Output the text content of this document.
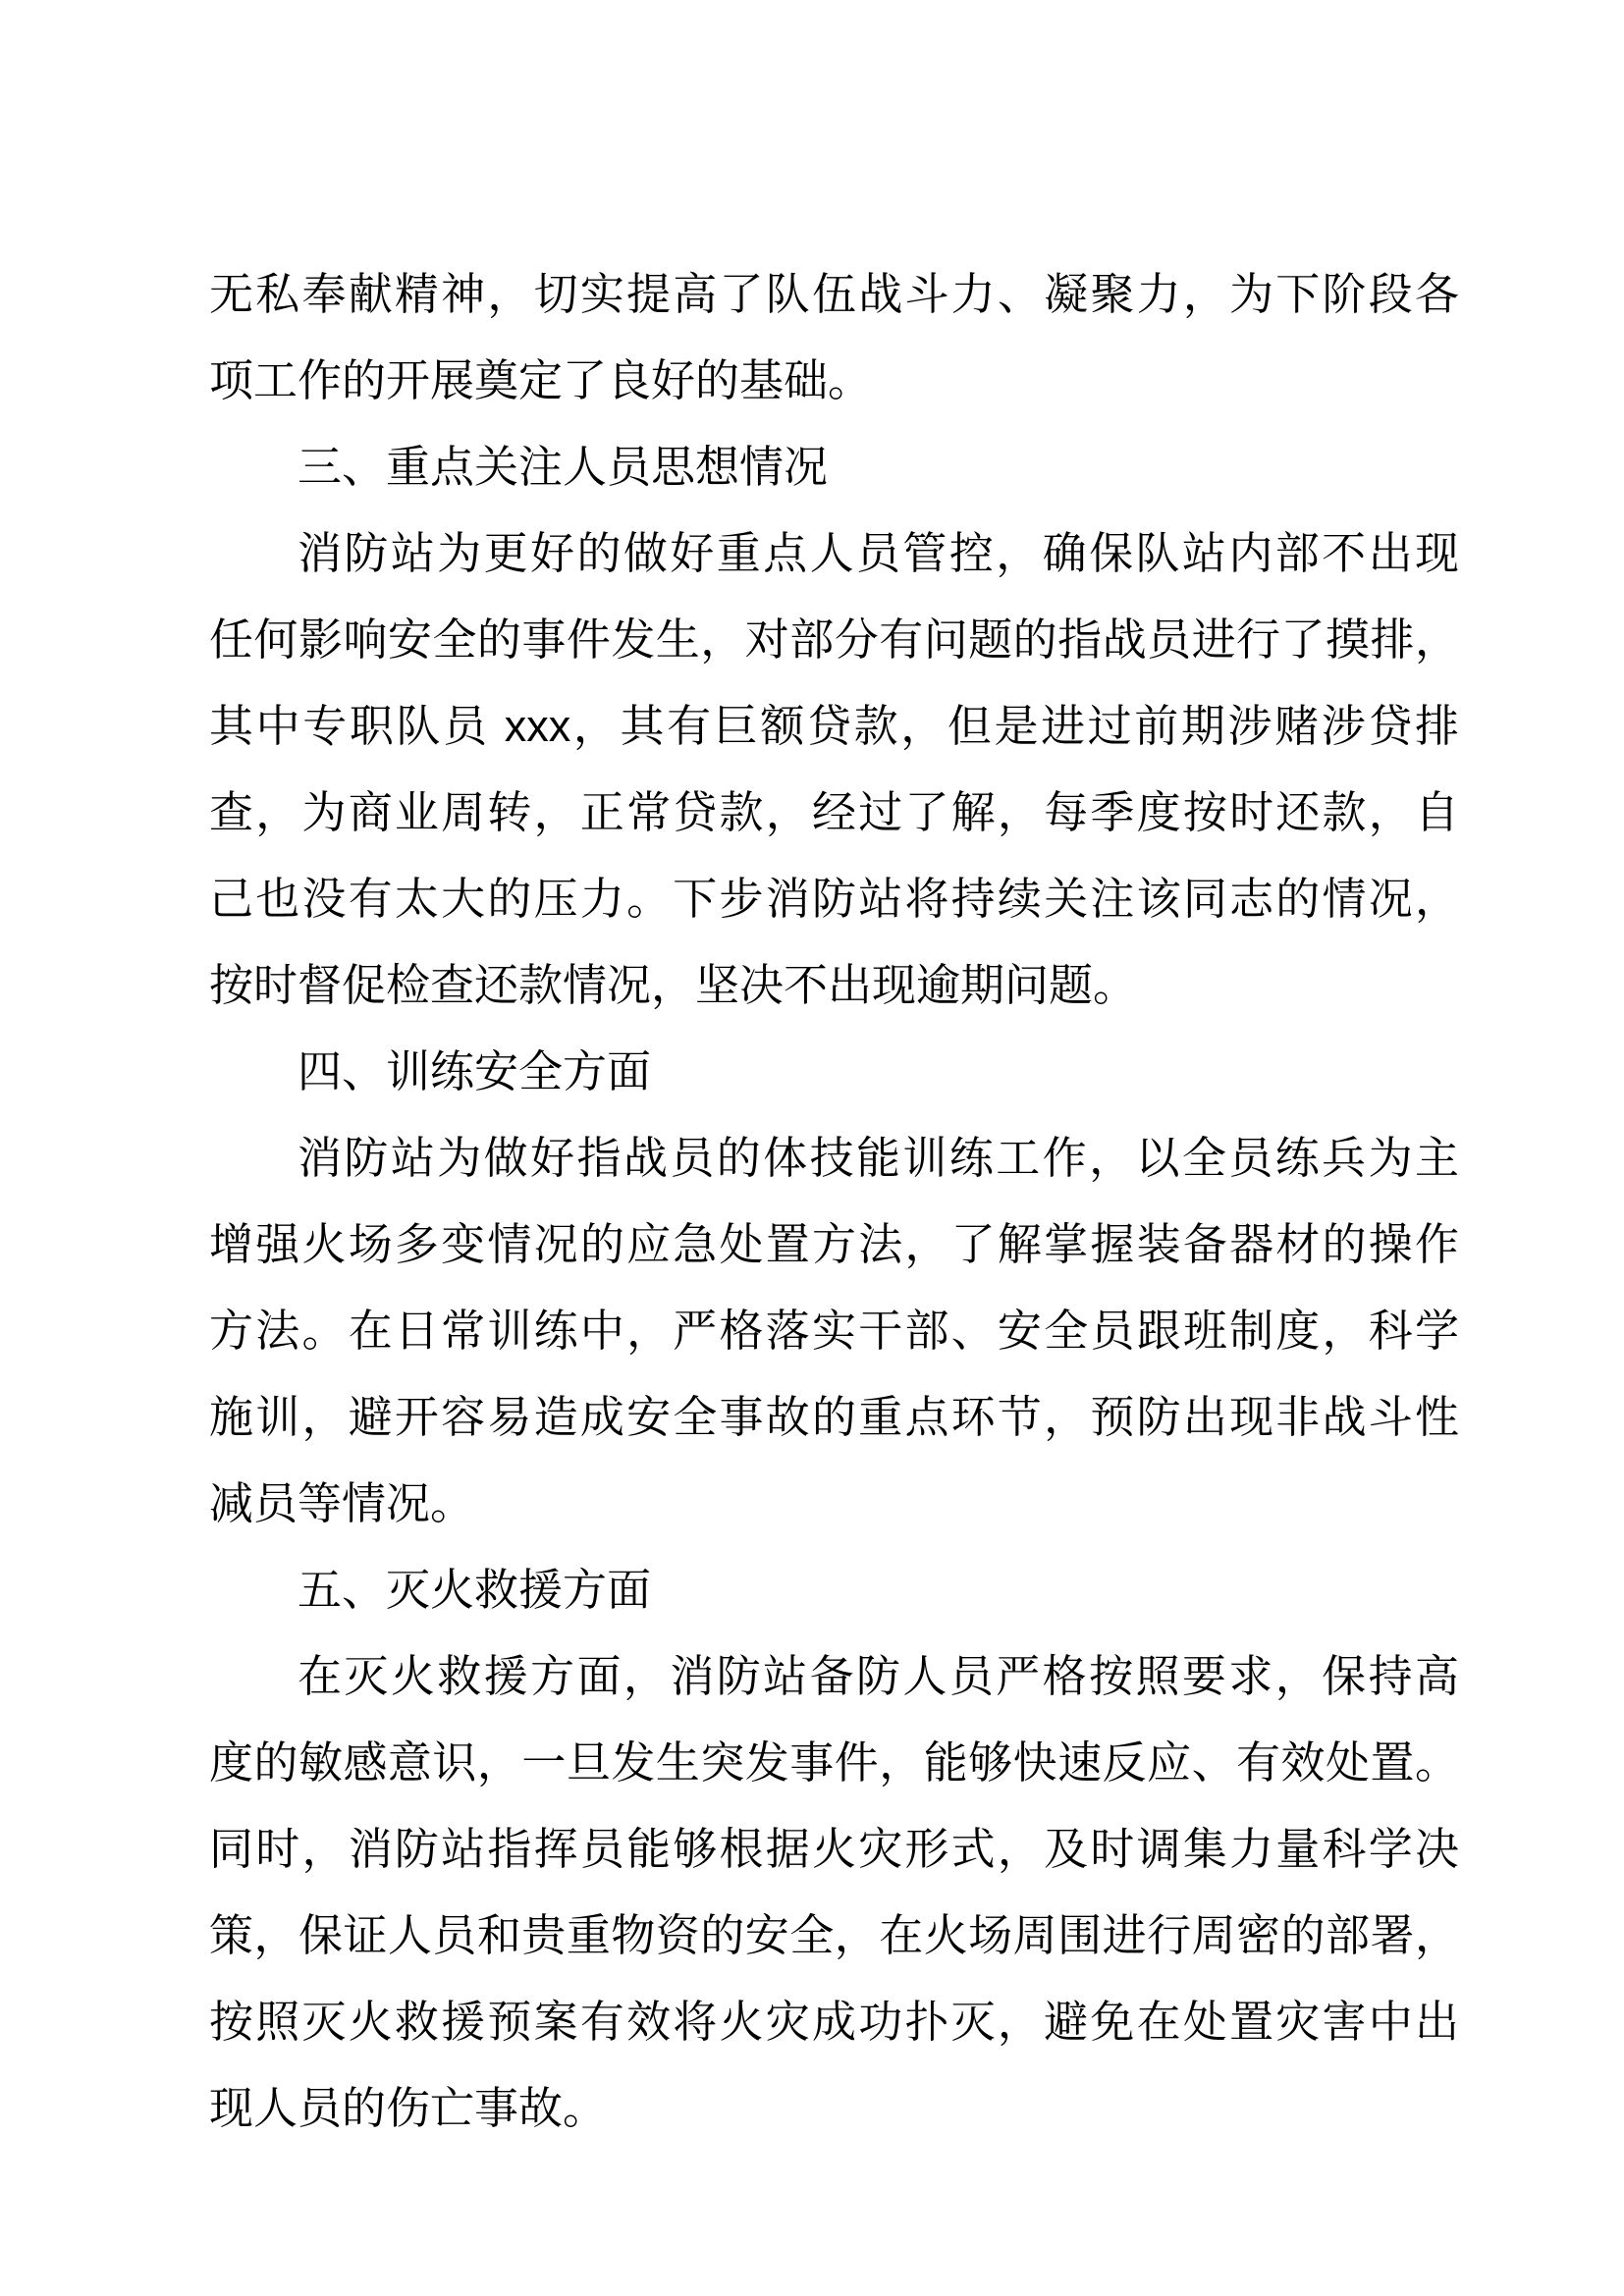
无私奉献精神，切实提高了队伍战斗力、凝聚力，为下阶段各
项工作的开展奠定了良好的基础。
三、重点关注人员思想情况
消防站为更好的做好重点人员管控，确保队站内部不出现
任何影响安全的事件发生，对部分有问题的指战员进行了摸排，
其中专职队员 xxx，其有巨额贷款，但是进过前期涉赌涉贷排
查，为商业周转，正常贷款，经过了解，每季度按时还款，自
己也没有太大的压力。下步消防站将持续关注该同志的情况，
按时督促检查还款情况，坚决不出现逾期问题。
四、训练安全方面
消防站为做好指战员的体技能训练工作，以全员练兵为主
增强火场多变情况的应急处置方法，了解掌握装备器材的操作
方法。在日常训练中，严格落实干部、安全员跟班制度，科学
施训，避开容易造成安全事故的重点环节，预防出现非战斗性
减员等情况。
五、灭火救援方面
在灭火救援方面，消防站备防人员严格按照要求，保持高
度的敏感意识，一旦发生突发事件，能够快速反应、有效处置。
同时，消防站指挥员能够根据火灾形式，及时调集力量科学决
策，保证人员和贵重物资的安全，在火场周围进行周密的部署，
按照灭火救援预案有效将火灾成功扑灭，避免在处置灾害中出
现人员的伤亡事故。
